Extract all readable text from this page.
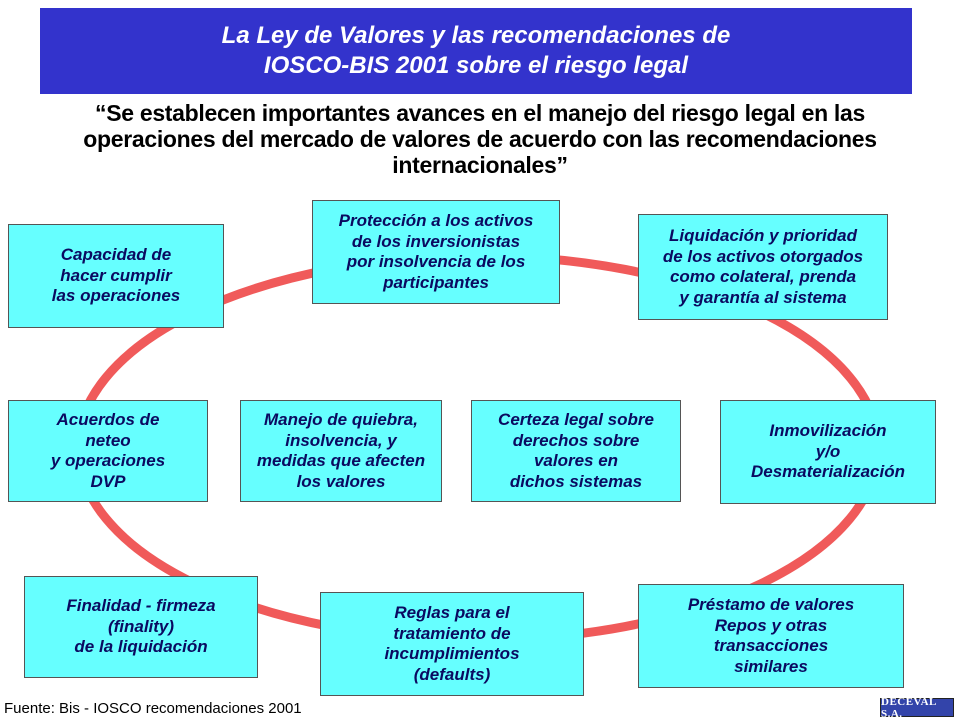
La Ley de Valores y las recomendaciones de
IOSCO-BIS 2001 sobre el riesgo legal
“Se establecen importantes avances en el manejo del riesgo legal en las
operaciones del mercado de valores de acuerdo con las recomendaciones
internacionales”
Protección a los activos
de los inversionistas
por insolvencia de los
participantes
Liquidación y prioridad
de los activos otorgados
como colateral, prenda
y garantía al sistema
Capacidad de
hacer cumplir
las operaciones
Acuerdos de
neteo
y operaciones
DVP
Manejo de quiebra,
insolvencia, y
medidas que afecten
los valores
Certeza legal sobre
derechos sobre
valores en
dichos sistemas
Inmovilización
y/o
Desmaterialización
Finalidad - firmeza
(finality)
de la liquidación
Reglas para el
tratamiento de
incumplimientos
(defaults)
Préstamo de valores
Repos y otras
transacciones
similares
Fuente: Bis - IOSCO recomendaciones 2001	DECEVAL S.A.
